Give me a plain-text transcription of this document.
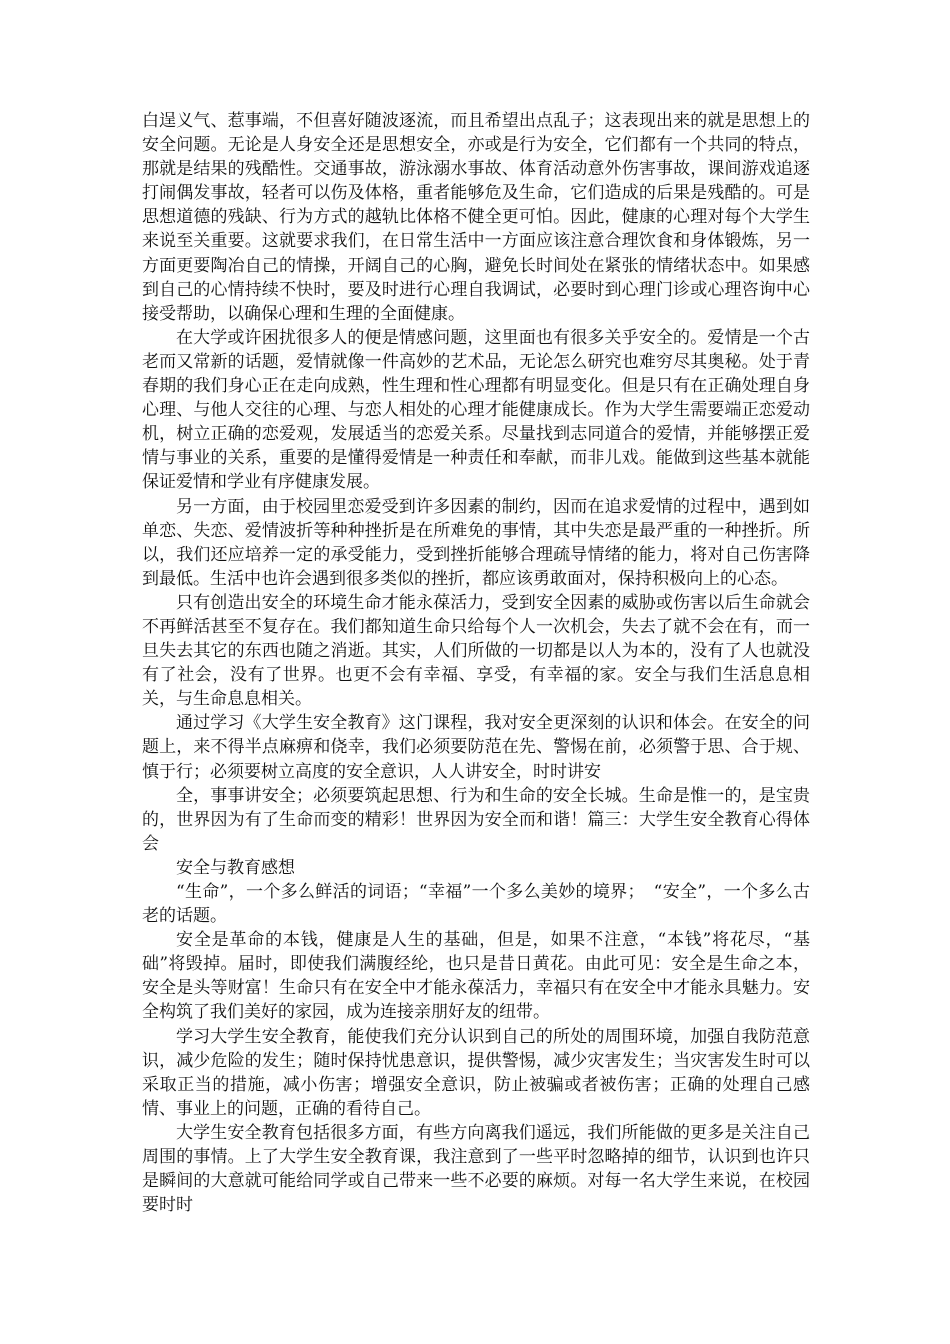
白逞义气、惹事端，不但喜好随波逐流，而且希望出点乱子；这表现出来的就是思想上的安全问题。无论是人身安全还是思想安全，亦或是行为安全，它们都有一个共同的特点，那就是结果的残酷性。交通事故，游泳溺水事故、体育活动意外伤害事故，课间游戏追逐打闹偶发事故，轻者可以伤及体格，重者能够危及生命，它们造成的后果是残酷的。可是思想道德的残缺、行为方式的越轨比体格不健全更可怕。因此，健康的心理对每个大学生来说至关重要。这就要求我们，在日常生活中一方面应该注意合理饮食和身体锻炼，另一方面更要陶冶自己的情操，开阔自己的心胸，避免长时间处在紧张的情绪状态中。如果感到自己的心情持续不快时，要及时进行心理自我调试，必要时到心理门诊或心理咨询中心接受帮助，以确保心理和生理的全面健康。

在大学或许困扰很多人的便是情感问题，这里面也有很多关乎安全的。爱情是一个古老而又常新的话题，爱情就像一件高妙的艺术品，无论怎么研究也难穷尽其奥秘。处于青春期的我们身心正在走向成熟，性生理和性心理都有明显变化。但是只有在正确处理自身心理、与他人交往的心理、与恋人相处的心理才能健康成长。作为大学生需要端正恋爱动机，树立正确的恋爱观，发展适当的恋爱关系。尽量找到志同道合的爱情，并能够摆正爱情与事业的关系，重要的是懂得爱情是一种责任和奉献，而非儿戏。能做到这些基本就能保证爱情和学业有序健康发展。

另一方面，由于校园里恋爱受到许多因素的制约，因而在追求爱情的过程中，遇到如单恋、失恋、爱情波折等种种挫折是在所难免的事情，其中失恋是最严重的一种挫折。所以，我们还应培养一定的承受能力，受到挫折能够合理疏导情绪的能力，将对自己伤害降到最低。生活中也许会遇到很多类似的挫折，都应该勇敢面对，保持积极向上的心态。

只有创造出安全的环境生命才能永葆活力，受到安全因素的威胁或伤害以后生命就会不再鲜活甚至不复存在。我们都知道生命只给每个人一次机会，失去了就不会在有，而一旦失去其它的东西也随之消逝。其实，人们所做的一切都是以人为本的，没有了人也就没有了社会，没有了世界。也更不会有幸福、享受，有幸福的家。安全与我们生活息息相关，与生命息息相关。

通过学习《大学生安全教育》这门课程，我对安全更深刻的认识和体会。在安全的问题上，来不得半点麻痹和侥幸，我们必须要防范在先、警惕在前，必须警于思、合于规、慎于行；必须要树立高度的安全意识，人人讲安全，时时讲安

全，事事讲安全；必须要筑起思想、行为和生命的安全长城。生命是惟一的，是宝贵的，世界因为有了生命而变的精彩！世界因为安全而和谐！篇三：大学生安全教育心得体会

安全与教育感想

“生命”，一个多么鲜活的词语；“幸福”一个多么美妙的境界；　“安全”，一个多么古老的话题。

安全是革命的本钱，健康是人生的基础，但是，如果不注意，“本钱”将花尽，“基础”将毁掉。届时，即使我们满腹经纶，也只是昔日黄花。由此可见：安全是生命之本，安全是头等财富！生命只有在安全中才能永葆活力，幸福只有在安全中才能永具魅力。安全构筑了我们美好的家园，成为连接亲朋好友的纽带。

学习大学生安全教育，能使我们充分认识到自己的所处的周围环境，加强自我防范意识，减少危险的发生；随时保持忧患意识，提供警惕，减少灾害发生；当灾害发生时可以采取正当的措施，减小伤害；增强安全意识，防止被骗或者被伤害；正确的处理自己感情、事业上的问题，正确的看待自己。

大学生安全教育包括很多方面，有些方向离我们遥远，我们所能做的更多是关注自己周围的事情。上了大学生安全教育课，我注意到了一些平时忽略掉的细节，认识到也许只是瞬间的大意就可能给同学或自己带来一些不必要的麻烦。对每一名大学生来说，在校园要时时
